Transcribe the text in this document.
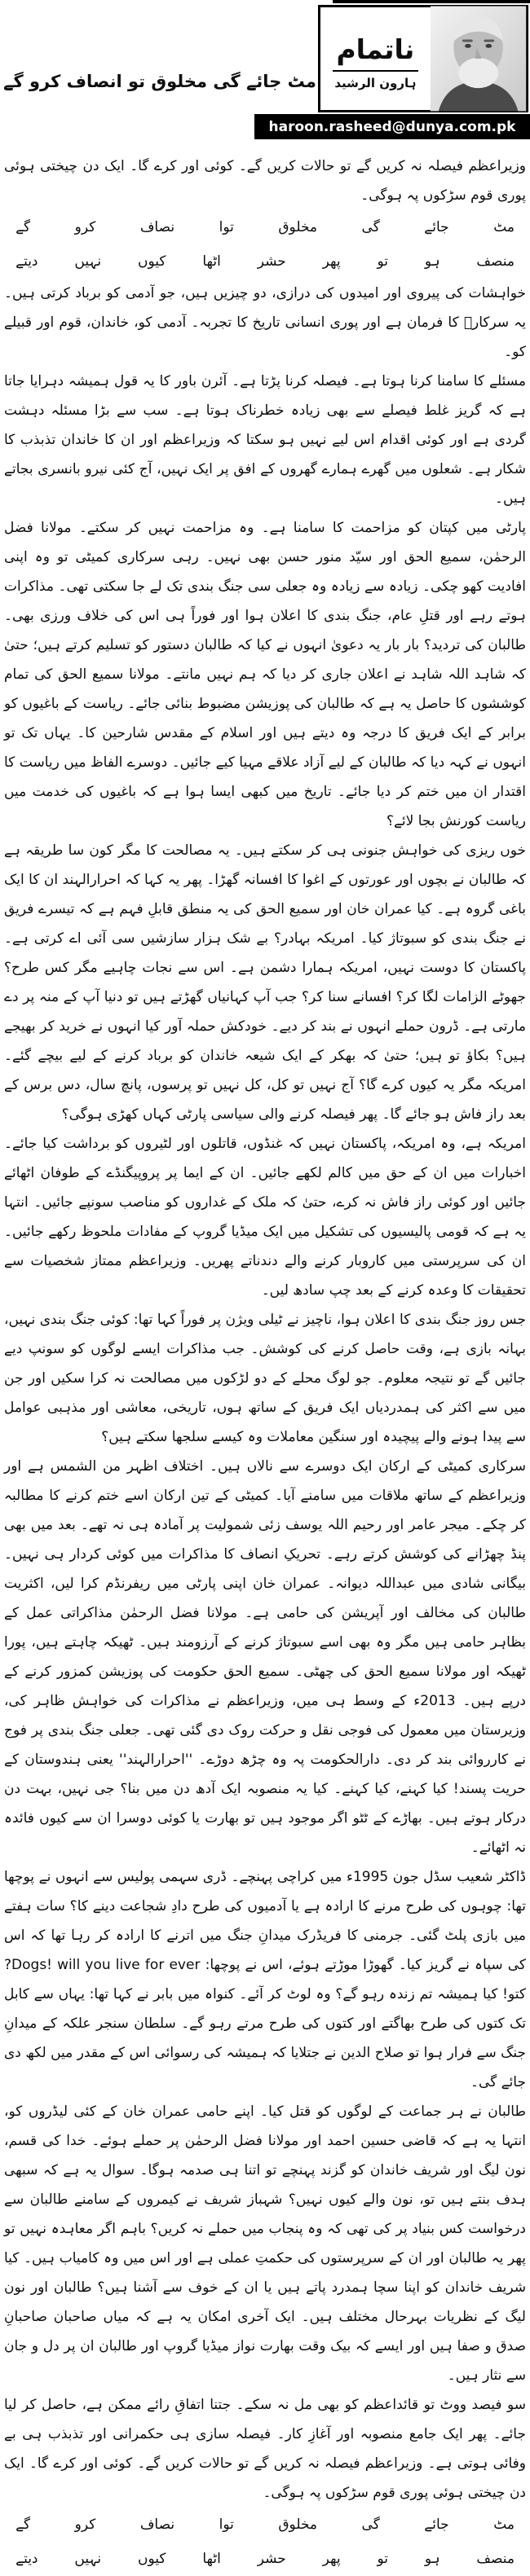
ناتمام
ہارون الرشید
haroon.rasheed@dunya.com.pk
مٹ جائے گی مخلوق تو انصاف کرو گے

وزیراعظم فیصلہ نہ کریں گے تو حالات کریں گے۔ کوئی اور کرے گا۔ ایک دن چیختی ہوئی پوری قوم سڑکوں پہ ہوگی۔

مٹ
جائے
گی
مخلوق
توا
نصاف
کرو
گے
منصف
ہو
تو
پھر
حشر
اٹھا
کیوں
نہیں
دیتے

خواہشات کی پیروی اور امیدوں کی درازی، دو چیزیں ہیں، جو آدمی کو برباد کرتی ہیں۔ یہ سرکارؐ کا فرمان ہے اور پوری انسانی تاریخ کا تجربہ۔ آدمی کو، خاندان، قوم اور قبیلے کو۔

مسئلے کا سامنا کرنا ہوتا ہے۔ فیصلہ کرنا پڑتا ہے۔ آئرن باور کا یہ قول ہمیشہ دہرایا جاتا ہے کہ گریز غلط فیصلے سے بھی زیادہ خطرناک ہوتا ہے۔ سب سے بڑا مسئلہ دہشت گردی ہے اور کوئی اقدام اس لیے نہیں ہو سکتا کہ وزیراعظم اور ان کا خاندان تذبذب کا شکار ہے۔ شعلوں میں گھرے ہمارے گھروں کے افق پر ایک نہیں، آج کئی نیرو بانسری بجاتے ہیں۔

پارٹی میں کپتان کو مزاحمت کا سامنا ہے۔ وہ مزاحمت نہیں کر سکتے۔ مولانا فضل الرحمٰن، سمیع الحق اور سیّد منور حسن بھی نہیں۔ رہی سرکاری کمیٹی تو وہ اپنی افادیت کھو چکی۔ زیادہ سے زیادہ وہ جعلی سی جنگ بندی تک لے جا سکتی تھی۔ مذاکرات ہوتے رہے اور قتلِ عام، جنگ بندی کا اعلان ہوا اور فوراً ہی اس کی خلاف ورزی بھی۔ طالبان کی تردید؟ بار بار یہ دعویٰ انہوں نے کیا کہ طالبان دستور کو تسلیم کرتے ہیں؛ حتیٰ کہ شاہد اللہ شاہد نے اعلان جاری کر دیا کہ ہم نہیں مانتے۔ مولانا سمیع الحق کی تمام کوششوں کا حاصل یہ ہے کہ طالبان کی پوزیشن مضبوط بنائی جائے۔ ریاست کے باغیوں کو برابر کے ایک فریق کا درجہ وہ دیتے ہیں اور اسلام کے مقدس شارحین کا۔ یہاں تک تو انہوں نے کہہ دیا کہ طالبان کے لیے آزاد علاقے مہیا کیے جائیں۔ دوسرے الفاظ میں ریاست کا اقتدار ان میں ختم کر دیا جائے۔ تاریخ میں کبھی ایسا ہوا ہے کہ باغیوں کی خدمت میں ریاست کورنش بجا لائے؟

خوں ریزی کی خواہش جنونی ہی کر سکتے ہیں۔ یہ مصالحت کا مگر کون سا طریقہ ہے کہ طالبان نے بچوں اور عورتوں کے اغوا کا افسانہ گھڑا۔ پھر یہ کہا کہ احرارالہند ان کا ایک باغی گروہ ہے۔ کیا عمران خان اور سمیع الحق کی یہ منطق قابلِ فہم ہے کہ تیسرے فریق نے جنگ بندی کو سبوتاژ کیا۔ امریکہ بہادر؟ بے شک ہزار سازشیں سی آئی اے کرتی ہے۔ پاکستان کا دوست نہیں، امریکہ ہمارا دشمن ہے۔ اس سے نجات چاہیے مگر کس طرح؟ جھوٹے الزامات لگا کر؟ افسانے سنا کر؟ جب آپ کہانیاں گھڑتے ہیں تو دنیا آپ کے منہ پر دے مارتی ہے۔ ڈرون حملے انہوں نے بند کر دیے۔ خودکش حملہ آور کیا انہوں نے خرید کر بھیجے ہیں؟ بکاؤ تو ہیں؛ حتیٰ کہ بھکر کے ایک شیعہ خاندان کو برباد کرنے کے لیے بیچے گئے۔ امریکہ مگر یہ کیوں کرے گا؟ آج نہیں تو کل، کل نہیں تو پرسوں، پانچ سال، دس برس کے بعد راز فاش ہو جائے گا۔ پھر فیصلہ کرنے والی سیاسی پارٹی کہاں کھڑی ہوگی؟

امریکہ ہے، وہ امریکہ، پاکستان نہیں کہ غنڈوں، قاتلوں اور لٹیروں کو برداشت کیا جائے۔ اخبارات میں ان کے حق میں کالم لکھے جائیں۔ ان کے ایما پر پروپیگنڈے کے طوفان اٹھائے جائیں اور کوئی راز فاش نہ کرے، حتیٰ کہ ملک کے غداروں کو مناصب سونپے جائیں۔ انتہا یہ ہے کہ قومی پالیسیوں کی تشکیل میں ایک میڈیا گروپ کے مفادات ملحوظ رکھے جائیں۔ ان کی سرپرستی میں کاروبار کرنے والے دندناتے پھریں۔ وزیراعظم ممتاز شخصیات سے تحقیقات کا وعدہ کرنے کے بعد چپ سادھ لیں۔

جس روز جنگ بندی کا اعلان ہوا، ناچیز نے ٹیلی ویژن پر فوراً کہا تھا: کوئی جنگ بندی نہیں، بہانہ بازی ہے، وقت حاصل کرنے کی کوشش۔ جب مذاکرات ایسے لوگوں کو سونپ دیے جائیں گے تو نتیجہ معلوم۔ جو لوگ محلے کے دو لڑکوں میں مصالحت نہ کرا سکیں اور جن میں سے اکثر کی ہمدردیاں ایک فریق کے ساتھ ہوں، تاریخی، معاشی اور مذہبی عوامل سے پیدا ہونے والے پیچیدہ اور سنگین معاملات وہ کیسے سلجھا سکتے ہیں؟

سرکاری کمیٹی کے ارکان ایک دوسرے سے نالاں ہیں۔ اختلاف اظہر من الشمس ہے اور وزیراعظم کے ساتھ ملاقات میں سامنے آیا۔ کمیٹی کے تین ارکان اسے ختم کرنے کا مطالبہ کر چکے۔ میجر عامر اور رحیم اللہ یوسف زئی شمولیت پر آمادہ ہی نہ تھے۔ بعد میں بھی پنڈ چھڑانے کی کوشش کرتے رہے۔ تحریکِ انصاف کا مذاکرات میں کوئی کردار ہی نہیں۔ بیگانی شادی میں عبداللہ دیوانہ۔ عمران خان اپنی پارٹی میں ریفرنڈم کرا لیں، اکثریت طالبان کی مخالف اور آپریشن کی حامی ہے۔ مولانا فضل الرحمٰن مذاکراتی عمل کے بظاہر حامی ہیں مگر وہ بھی اسے سبوتاژ کرنے کے آرزومند ہیں۔ ٹھیکہ چاہتے ہیں، پورا ٹھیکہ اور مولانا سمیع الحق کی چھٹی۔ سمیع الحق حکومت کی پوزیشن کمزور کرنے کے درپے ہیں۔ 2013ء کے وسط ہی میں، وزیراعظم نے مذاکرات کی خواہش ظاہر کی، وزیرستان میں معمول کی فوجی نقل و حرکت روک دی گئی تھی۔ جعلی جنگ بندی پر فوج نے کارروائی بند کر دی۔ دارالحکومت پہ وہ چڑھ دوڑے۔ ''احرارالہند'' یعنی ہندوستان کے حریت پسند! کیا کہنے، کیا کہنے۔ کیا یہ منصوبہ ایک آدھ دن میں بنا؟ جی نہیں، بہت دن درکار ہوتے ہیں۔ بھاڑے کے ٹٹو اگر موجود ہیں تو بھارت یا کوئی دوسرا ان سے کیوں فائدہ نہ اٹھائے۔

ڈاکٹر شعیب سڈل جون 1995ء میں کراچی پہنچے۔ ڈری سہمی پولیس سے انہوں نے پوچھا تھا: چوہوں کی طرح مرنے کا ارادہ ہے یا آدمیوں کی طرح دادِ شجاعت دینے کا؟ سات ہفتے میں بازی پلٹ گئی۔ جرمنی کا فریڈرک میدانِ جنگ میں اترنے کا ارادہ کر رہا تھا کہ اس کی سپاہ نے گریز کیا۔ گھوڑا موڑتے ہوئے، اس نے پوچھا: Dogs! will you live for ever? کتو! کیا ہمیشہ تم زندہ رہو گے؟ وہ لوٹ کر آئے۔ کنواہ میں بابر نے کہا تھا: یہاں سے کابل تک کتوں کی طرح بھاگتے اور کتوں کی طرح مرتے رہو گے۔ سلطان سنجر علکہ کے میدانِ جنگ سے فرار ہوا تو صلاح الدین نے جتلایا کہ ہمیشہ کی رسوائی اس کے مقدر میں لکھ دی جائے گی۔

طالبان نے ہر جماعت کے لوگوں کو قتل کیا۔ اپنے حامی عمران خان کے کئی لیڈروں کو، انتہا یہ ہے کہ قاضی حسین احمد اور مولانا فضل الرحمٰن پر حملے ہوئے۔ خدا کی قسم، نون لیگ اور شریف خاندان کو گزند پہنچے تو اتنا ہی صدمہ ہوگا۔ سوال یہ ہے کہ سبھی ہدف بنتے ہیں تو، نون والے کیوں نہیں؟ شہباز شریف نے کیمروں کے سامنے طالبان سے درخواست کس بنیاد پر کی تھی کہ وہ پنجاب میں حملے نہ کریں؟ باہم اگر معاہدہ نہیں تو پھر یہ طالبان اور ان کے سرپرستوں کی حکمتِ عملی ہے اور اس میں وہ کامیاب ہیں۔ کیا شریف خاندان کو اپنا سچا ہمدرد پاتے ہیں یا ان کے خوف سے آشنا ہیں؟ طالبان اور نون لیگ کے نظریات بہرحال مختلف ہیں۔ ایک آخری امکان یہ ہے کہ میاں صاحبان صاحبانِ صدق و صفا ہیں اور ایسے کہ بیک وقت بھارت نواز میڈیا گروپ اور طالبان ان پر دل و جان سے نثار ہیں۔

سو فیصد ووٹ تو قائداعظم کو بھی مل نہ سکے۔ جتنا اتفاقِ رائے ممکن ہے، حاصل کر لیا جائے۔ پھر ایک جامع منصوبہ اور آغازِ کار۔ فیصلہ سازی ہی حکمرانی اور تذبذب ہی بے وفائی ہوتی ہے۔ وزیراعظم فیصلہ نہ کریں گے تو حالات کریں گے۔ کوئی اور کرے گا۔ ایک دن چیختی ہوئی پوری قوم سڑکوں پہ ہوگی۔

مٹ
جائے
گی
مخلوق
توا
نصاف
کرو
گے
منصف
ہو
تو
پھر
حشر
اٹھا
کیوں
نہیں
دیتے
